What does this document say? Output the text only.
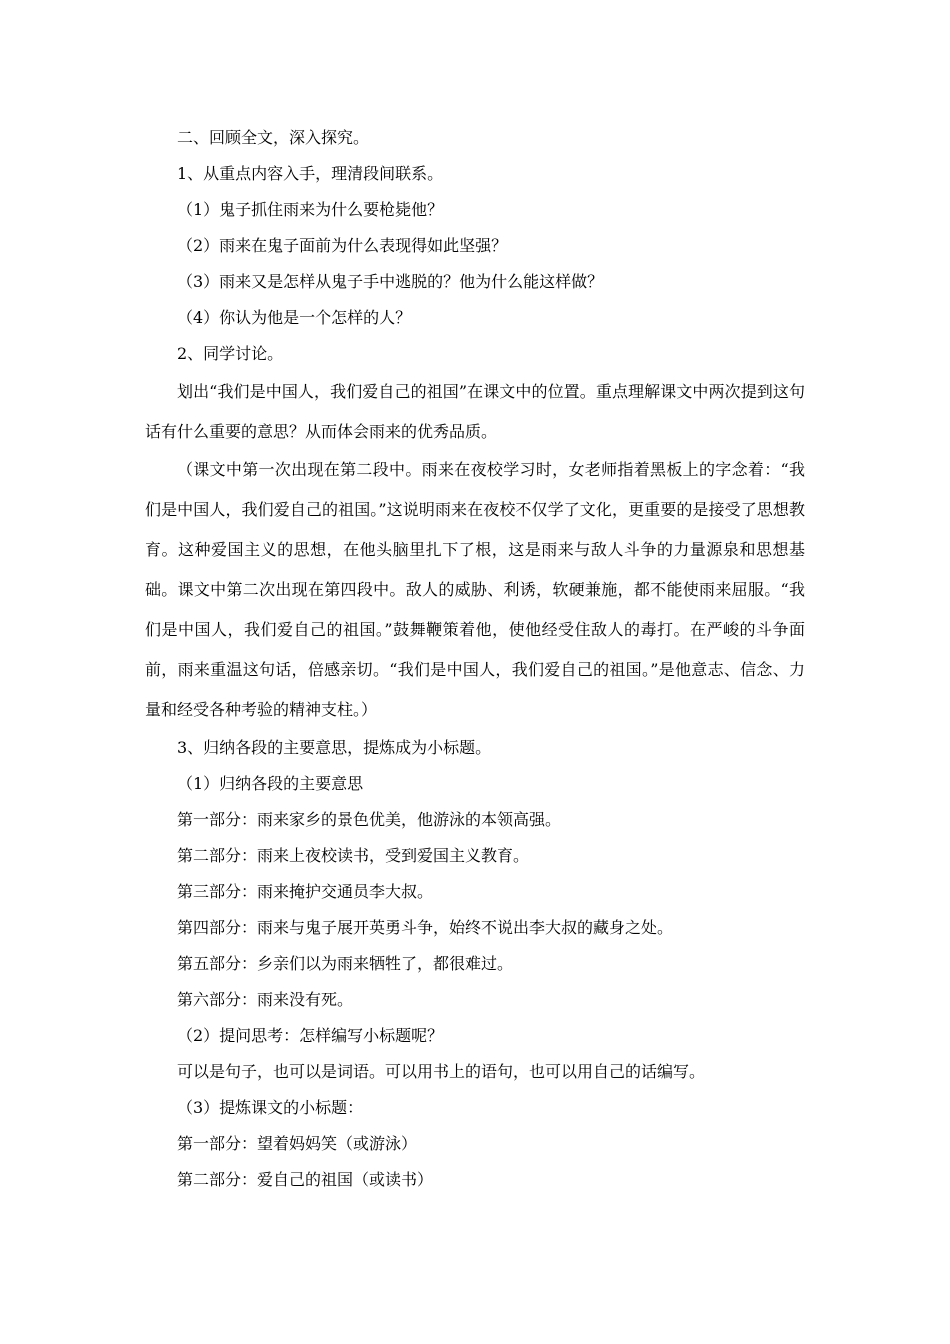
二、回顾全文，深入探究。

1、从重点内容入手，理清段间联系。

（1）鬼子抓住雨来为什么要枪毙他？

（2）雨来在鬼子面前为什么表现得如此坚强？

（3）雨来又是怎样从鬼子手中逃脱的？他为什么能这样做？

（4）你认为他是一个怎样的人？

2、同学讨论。

划出“我们是中国人，我们爱自己的祖国”在课文中的位置。重点理解课文中两次提到这句话有什么重要的意思？从而体会雨来的优秀品质。

（课文中第一次出现在第二段中。雨来在夜校学习时，女老师指着黑板上的字念着：“我们是中国人，我们爱自己的祖国。”这说明雨来在夜校不仅学了文化，更重要的是接受了思想教育。这种爱国主义的思想，在他头脑里扎下了根，这是雨来与敌人斗争的力量源泉和思想基础。课文中第二次出现在第四段中。敌人的威胁、利诱，软硬兼施，都不能使雨来屈服。“我们是中国人，我们爱自己的祖国。”鼓舞鞭策着他，使他经受住敌人的毒打。在严峻的斗争面前，雨来重温这句话，倍感亲切。“我们是中国人，我们爱自己的祖国。”是他意志、信念、力量和经受各种考验的精神支柱。）

3、归纳各段的主要意思，提炼成为小标题。

（1）归纳各段的主要意思

第一部分：雨来家乡的景色优美，他游泳的本领高强。

第二部分：雨来上夜校读书，受到爱国主义教育。

第三部分：雨来掩护交通员李大叔。

第四部分：雨来与鬼子展开英勇斗争，始终不说出李大叔的藏身之处。

第五部分：乡亲们以为雨来牺牲了，都很难过。

第六部分：雨来没有死。

（2）提问思考：怎样编写小标题呢？

可以是句子，也可以是词语。可以用书上的语句，也可以用自己的话编写。

（3）提炼课文的小标题：

第一部分：望着妈妈笑（或游泳）

第二部分：爱自己的祖国（或读书）
